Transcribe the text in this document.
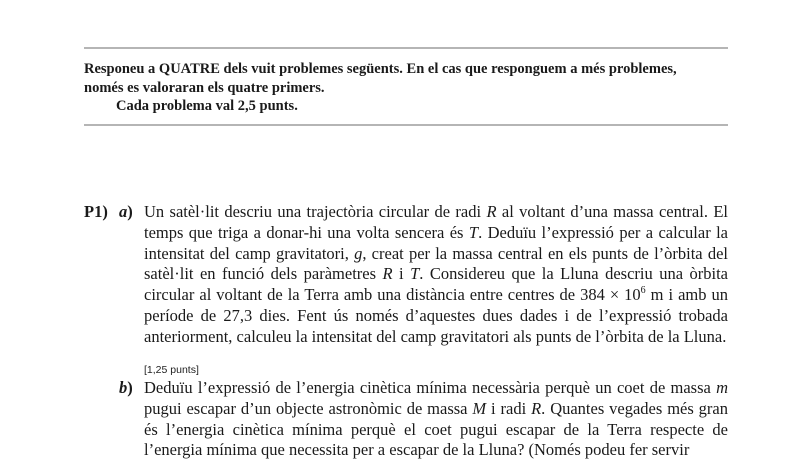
Responeu a QUATRE dels vuit problemes següents. En el cas que responguem a més problemes,
només es valoraran els quatre primers.
Cada problema val 2,5 punts.
P1) a) Un satèl·lit descriu una trajectòria circular de radi R al voltant d’una massa central. El temps que triga a donar-hi una volta sencera és T. Deduïu l’expressió per a calcular la intensitat del camp gravitatori, g, creat per la massa central en els punts de l’òrbita del satèl·lit en funció dels paràmetres R i T. Considereu que la Lluna descriu una òrbita circular al voltant de la Terra amb una distància entre centres de $384 \times 10^6$ m i amb un període de 27,3 dies. Fent ús només d’aquestes dues dades i de l’expressió trobada anteriorment, calculeu la intensitat del camp gravitatori als punts de l’òrbita de la Lluna.
[1,25 punts]
b) Deduïu l’expressió de l’energia cinètica mínima necessària perquè un coet de massa m pugui escapar d’un objecte astronòmic de massa M i radi R. Quantes vegades més gran és l’energia cinètica mínima perquè el coet pugui escapar de la Terra respecte de l’energia mínima que necessita per a escapar de la Lluna? (Només podeu fer servir
